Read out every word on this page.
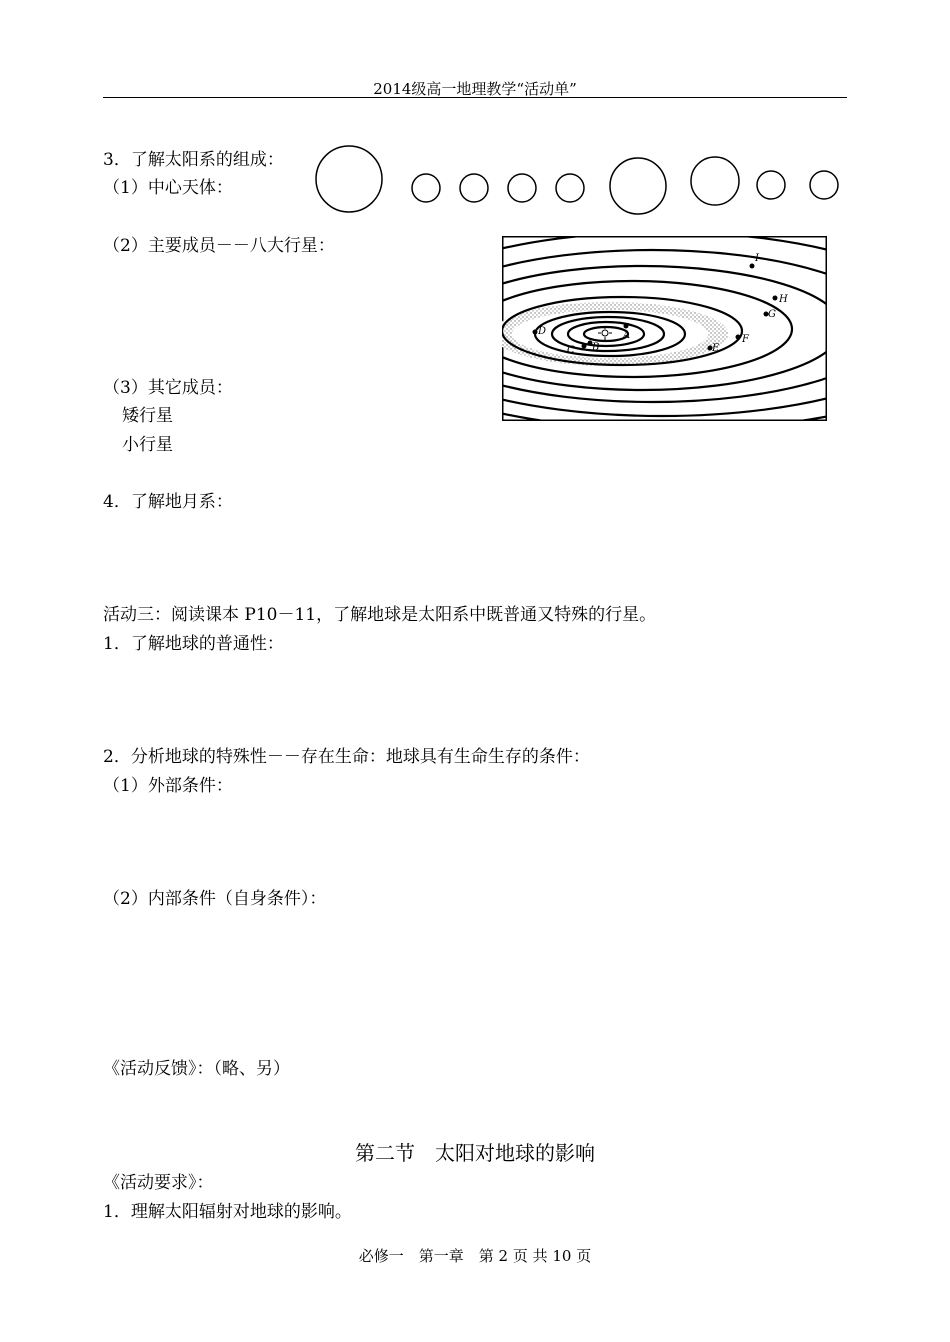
2014级高一地理教学“活动单”
3．了解太阳系的组成：
（1）中心天体：
（2）主要成员－－八大行星：
A
B
C
D
E
F
G
H
I
（3）其它成员：
矮行星
小行星
4．了解地月系：
活动三：阅读课本 P10－11，了解地球是太阳系中既普通又特殊的行星。
1．了解地球的普通性：
2．分析地球的特殊性－－存在生命：地球具有生命生存的条件：
（1）外部条件：
（2）内部条件（自身条件）：
《活动反馈》：（略、另）
第二节　太阳对地球的影响
《活动要求》：
1．理解太阳辐射对地球的影响。
必修一　第一章　第 2 页 共 10 页
